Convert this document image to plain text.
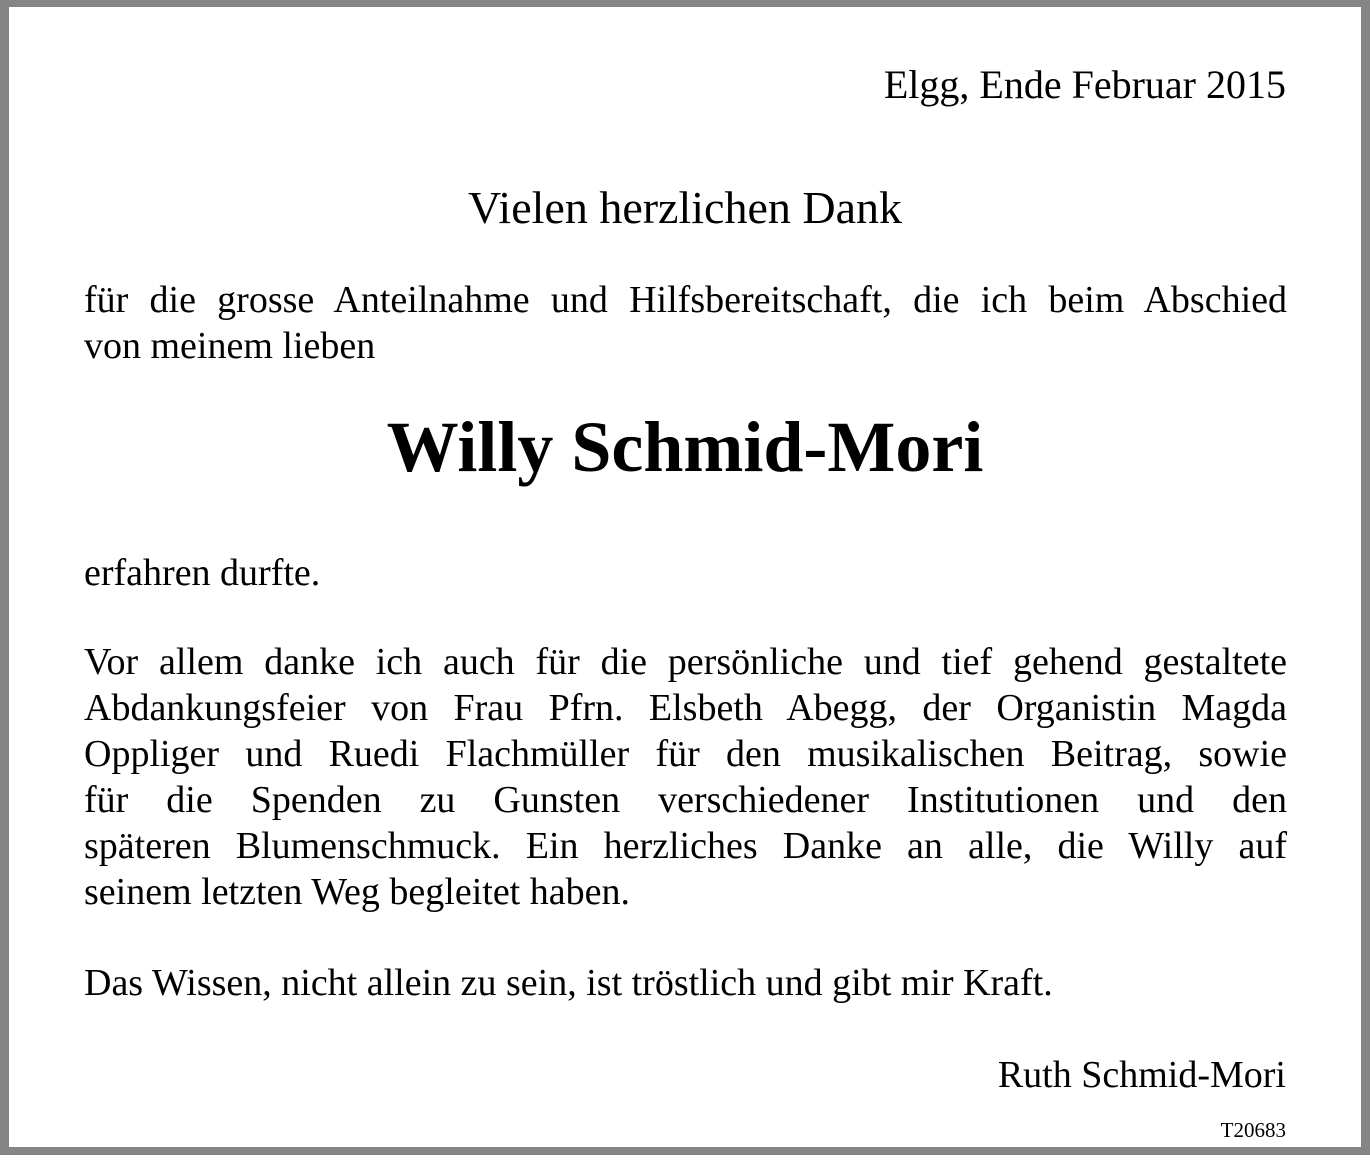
Elgg, Ende Februar 2015
Vielen herzlichen Dank

für die grosse Anteilnahme und Hilfsbereitschaft, die ich beim Abschied
von meinem lieben

Willy Schmid-Mori
erfahren durfte.
Vor allem danke ich auch für die persönliche und tief gehend gestaltete
Abdankungsfeier von Frau Pfrn. Elsbeth Abegg, der Organistin Magda
Oppliger und Ruedi Flachmüller für den musikalischen Beitrag, sowie
für die Spenden zu Gunsten verschiedener Institutionen und den
späteren Blumenschmuck. Ein herzliches Danke an alle, die Willy auf
seinem letzten Weg begleitet haben.
Das Wissen, nicht allein zu sein, ist tröstlich und gibt mir Kraft.
Ruth Schmid-Mori
T20683
